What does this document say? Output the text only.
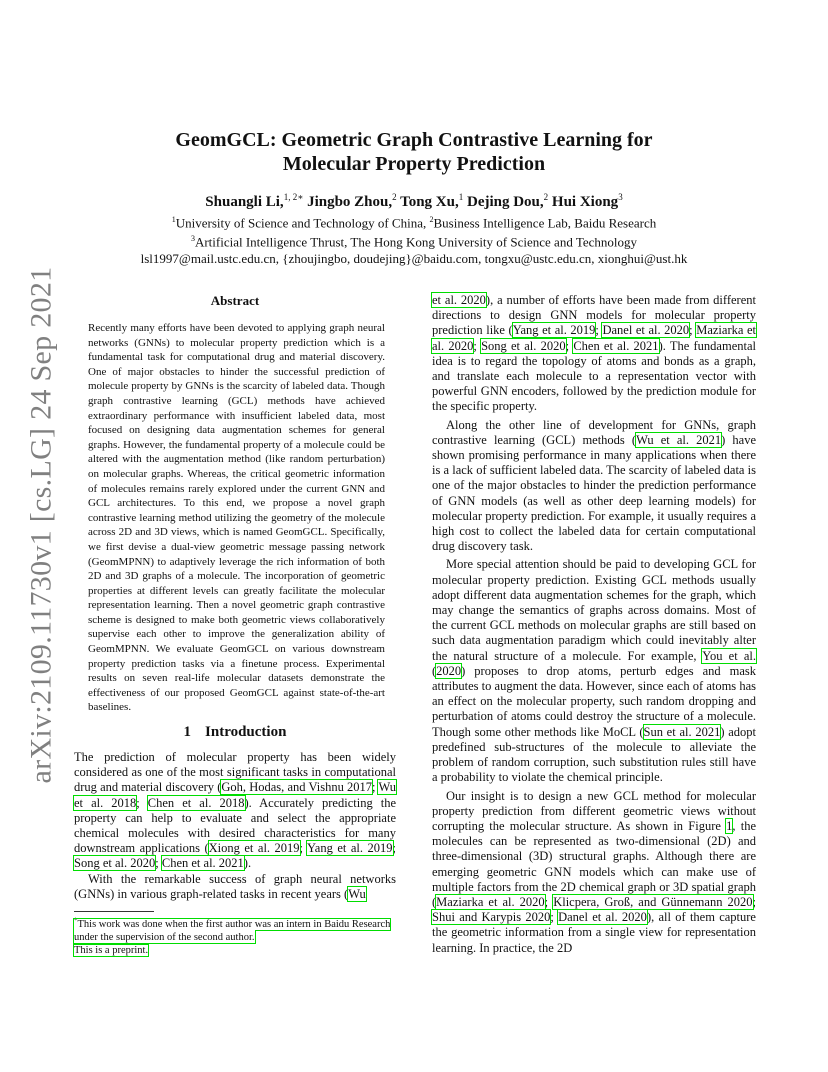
arXiv:2109.11730v1 [cs.LG] 24 Sep 2021
GeomGCL: Geometric Graph Contrastive Learning for
Molecular Property Prediction
Shuangli Li,$^{1, 2∗}$ Jingbo Zhou,$^2$ Tong Xu,$^1$ Dejing Dou,$^2$ Hui Xiong$^3$
$^1$University of Science and Technology of China, $^2$Business Intelligence Lab, Baidu Research
$^3$Artificial Intelligence Thrust, The Hong Kong University of Science and Technology
lsl1997@mail.ustc.edu.cn, {zhoujingbo, doudejing}@baidu.com, tongxu@ustc.edu.cn, xionghui@ust.hk
Abstract
Recently many efforts have been devoted to applying graph neural networks (GNNs) to molecular property prediction which is a fundamental task for computational drug and material discovery. One of major obstacles to hinder the successful prediction of molecule property by GNNs is the scarcity of labeled data. Though graph contrastive learning (GCL) methods have achieved extraordinary performance with insufficient labeled data, most focused on designing data augmentation schemes for general graphs. However, the fundamental property of a molecule could be altered with the augmentation method (like random perturbation) on molecular graphs. Whereas, the critical geometric information of molecules remains rarely explored under the current GNN and GCL architectures. To this end, we propose a novel graph contrastive learning method utilizing the geometry of the molecule across 2D and 3D views, which is named GeomGCL. Specifically, we first devise a dual-view geometric message passing network (GeomMPNN) to adaptively leverage the rich information of both 2D and 3D graphs of a molecule. The incorporation of geometric properties at different levels can greatly facilitate the molecular representation learning. Then a novel geometric graph contrastive scheme is designed to make both geometric views collaboratively supervise each other to improve the generalization ability of GeomMPNN. We evaluate GeomGCL on various downstream property prediction tasks via a finetune process. Experimental results on seven real-life molecular datasets demonstrate the effectiveness of our proposed GeomGCL against state-of-the-art baselines.
1 Introduction

The prediction of molecular property has been widely considered as one of the most significant tasks in computational drug and material discovery (Goh, Hodas, and Vishnu 2017; Wu et al. 2018; Chen et al. 2018). Accurately predicting the property can help to evaluate and select the appropriate chemical molecules with desired characteristics for many downstream applications (Xiong et al. 2019; Yang et al. 2019; Song et al. 2020; Chen et al. 2021).

With the remarkable success of graph neural networks (GNNs) in various graph-related tasks in recent years (Wu

*This work was done when the first author was an intern in Baidu Research under the supervision of the second author.
This is a preprint.

et al. 2020), a number of efforts have been made from different directions to design GNN models for molecular property prediction like (Yang et al. 2019; Danel et al. 2020; Maziarka et al. 2020; Song et al. 2020; Chen et al. 2021). The fundamental idea is to regard the topology of atoms and bonds as a graph, and translate each molecule to a representation vector with powerful GNN encoders, followed by the prediction module for the specific property.

Along the other line of development for GNNs, graph contrastive learning (GCL) methods (Wu et al. 2021) have shown promising performance in many applications when there is a lack of sufficient labeled data. The scarcity of labeled data is one of the major obstacles to hinder the prediction performance of GNN models (as well as other deep learning models) for molecular property prediction. For example, it usually requires a high cost to collect the labeled data for certain computational drug discovery task.

More special attention should be paid to developing GCL for molecular property prediction. Existing GCL methods usually adopt different data augmentation schemes for the graph, which may change the semantics of graphs across domains. Most of the current GCL methods on molecular graphs are still based on such data augmentation paradigm which could inevitably alter the natural structure of a molecule. For example, You et al. (2020) proposes to drop atoms, perturb edges and mask attributes to augment the data. However, since each of atoms has an effect on the molecular property, such random dropping and perturbation of atoms could destroy the structure of a molecule. Though some other methods like MoCL (Sun et al. 2021) adopt predefined sub-structures of the molecule to alleviate the problem of random corruption, such substitution rules still have a probability to violate the chemical principle.

Our insight is to design a new GCL method for molecular property prediction from different geometric views without corrupting the molecular structure. As shown in Figure 1, the molecules can be represented as two-dimensional (2D) and three-dimensional (3D) structural graphs. Although there are emerging geometric GNN models which can make use of multiple factors from the 2D chemical graph or 3D spatial graph (Maziarka et al. 2020; Klicpera, Groß, and Günnemann 2020; Shui and Karypis 2020; Danel et al. 2020), all of them capture the geometric information from a single view for representation learning. In practice, the 2D
